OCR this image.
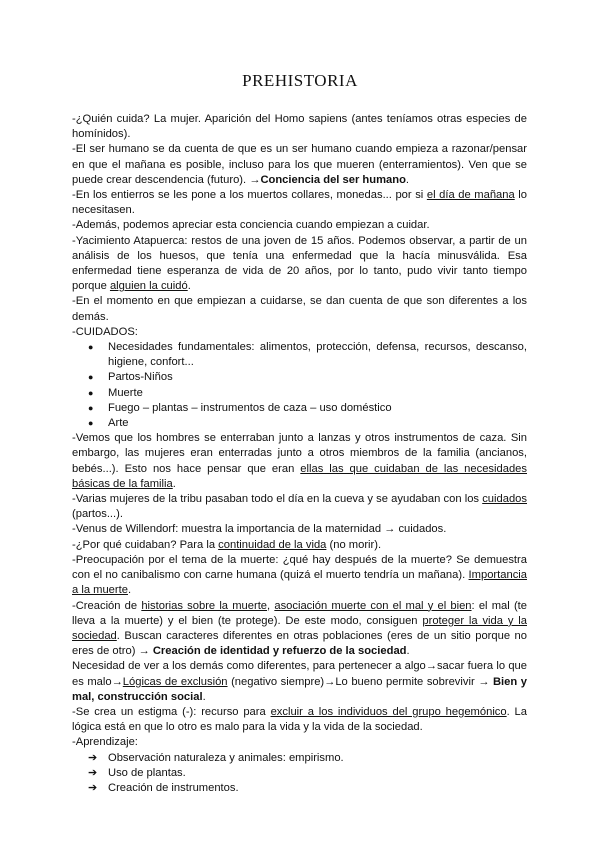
PREHISTORIA

-¿Quién cuida? La mujer. Aparición del Homo sapiens (antes teníamos otras especies de homínidos).

-El ser humano se da cuenta de que es un ser humano cuando empieza a razonar/pensar en que el mañana es posible, incluso para los que mueren (enterramientos). Ven que se puede crear descendencia (futuro). →Conciencia del ser humano.

-En los entierros se les pone a los muertos collares, monedas... por si el día de mañana lo necesitasen.

-Además, podemos apreciar esta conciencia cuando empiezan a cuidar.

-Yacimiento Atapuerca: restos de una joven de 15 años. Podemos observar, a partir de un análisis de los huesos, que tenía una enfermedad que la hacía minusválida. Esa enfermedad tiene esperanza de vida de 20 años, por lo tanto, pudo vivir tanto tiempo porque alguien la cuidó.

-En el momento en que empiezan a cuidarse, se dan cuenta de que son diferentes a los demás.

-CUIDADOS:

● Necesidades fundamentales: alimentos, protección, defensa, recursos, descanso, higiene, confort...
● Partos-Niños
● Muerte
● Fuego – plantas – instrumentos de caza – uso doméstico
● Arte

-Vemos que los hombres se enterraban junto a lanzas y otros instrumentos de caza. Sin embargo, las mujeres eran enterradas junto a otros miembros de la familia (ancianos, bebés...). Esto nos hace pensar que eran ellas las que cuidaban de las necesidades básicas de la familia.

-Varias mujeres de la tribu pasaban todo el día en la cueva y se ayudaban con los cuidados (partos...).

-Venus de Willendorf: muestra la importancia de la maternidad → cuidados.

-¿Por qué cuidaban? Para la continuidad de la vida (no morir).

-Preocupación por el tema de la muerte: ¿qué hay después de la muerte? Se demuestra con el no canibalismo con carne humana (quizá el muerto tendría un mañana). Importancia a la muerte.

-Creación de historias sobre la muerte, asociación muerte con el mal y el bien: el mal (te lleva a la muerte) y el bien (te protege). De este modo, consiguen proteger la vida y la sociedad. Buscan caracteres diferentes en otras poblaciones (eres de un sitio porque no eres de otro) → Creación de identidad y refuerzo de la sociedad.

Necesidad de ver a los demás como diferentes, para pertenecer a algo→sacar fuera lo que es malo→Lógicas de exclusión (negativo siempre)→Lo bueno permite sobrevivir → Bien y mal, construcción social.

-Se crea un estigma (-): recurso para excluir a los individuos del grupo hegemónico. La lógica está en que lo otro es malo para la vida y la vida de la sociedad.

-Aprendizaje:

➔ Observación naturaleza y animales: empirismo.
➔ Uso de plantas.
➔ Creación de instrumentos.
